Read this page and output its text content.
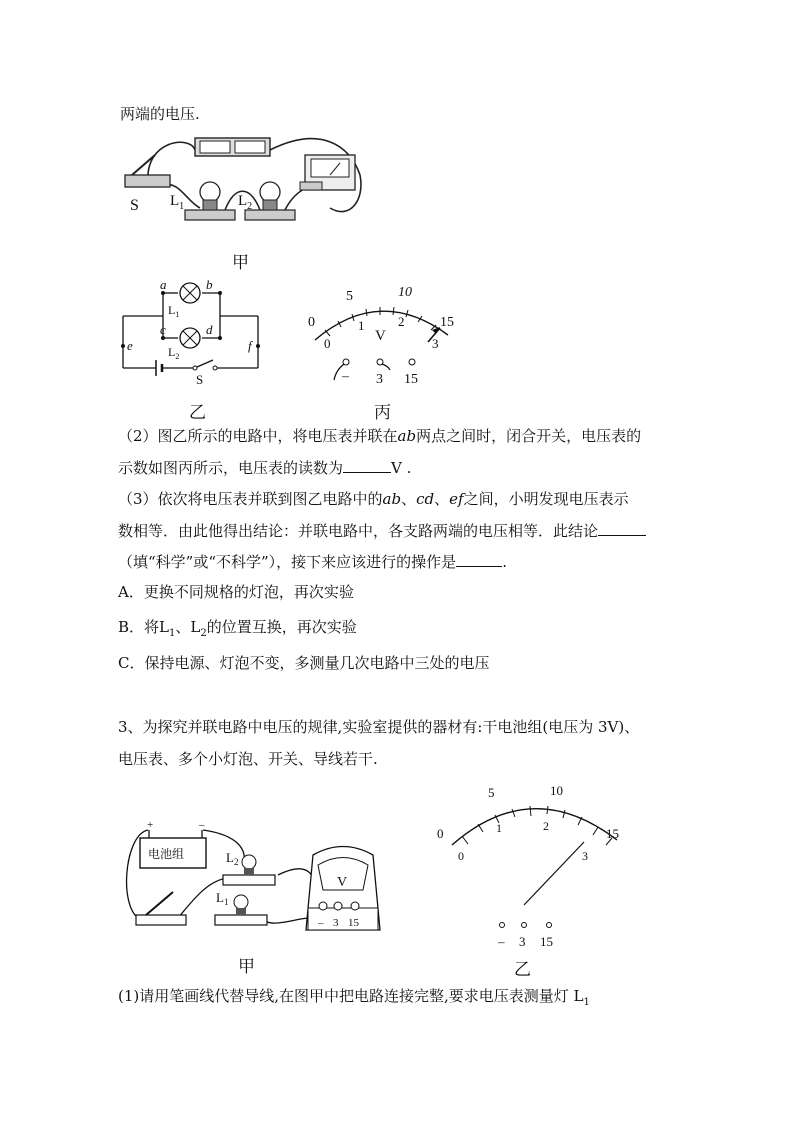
两端的电压.
S $L_1$	$L_2$
甲
a	b
c	d
e	f
$L_1$
$L_2$
S
乙
0
5	10
15
0
1	2
3
V
– 3 15
丙
（2）图乙所示的电路中，将电压表并联在ab两点之间时，闭合开关，电压表的
示数如图丙所示，电压表的读数为	V .
（3）依次将电压表并联到图乙电路中的ab、cd、ef之间，小明发现电压表示
数相等．由此他得出结论：并联电路中，各支路两端的电压相等．此结论
（填“科学”或“不科学”），接下来应该进行的操作是	.
A．更换不同规格的灯泡，再次实验
B．将$L_1$、$L_2$的位置互换，再次实验
C．保持电源、灯泡不变，多测量几次电路中三处的电压
3、为探究并联电路中电压的规律,实验室提供的器材有:干电池组(电压为 3V)、
电压表、多个小灯泡、开关、导线若干.
+	–
电池组	$L_2$
$L_1$
V
– 3 15
甲
0
5	10
15
0
1	2
3
– 3 15
乙
(1)请用笔画线代替导线,在图甲中把电路连接完整,要求电压表测量灯 $L_1$
